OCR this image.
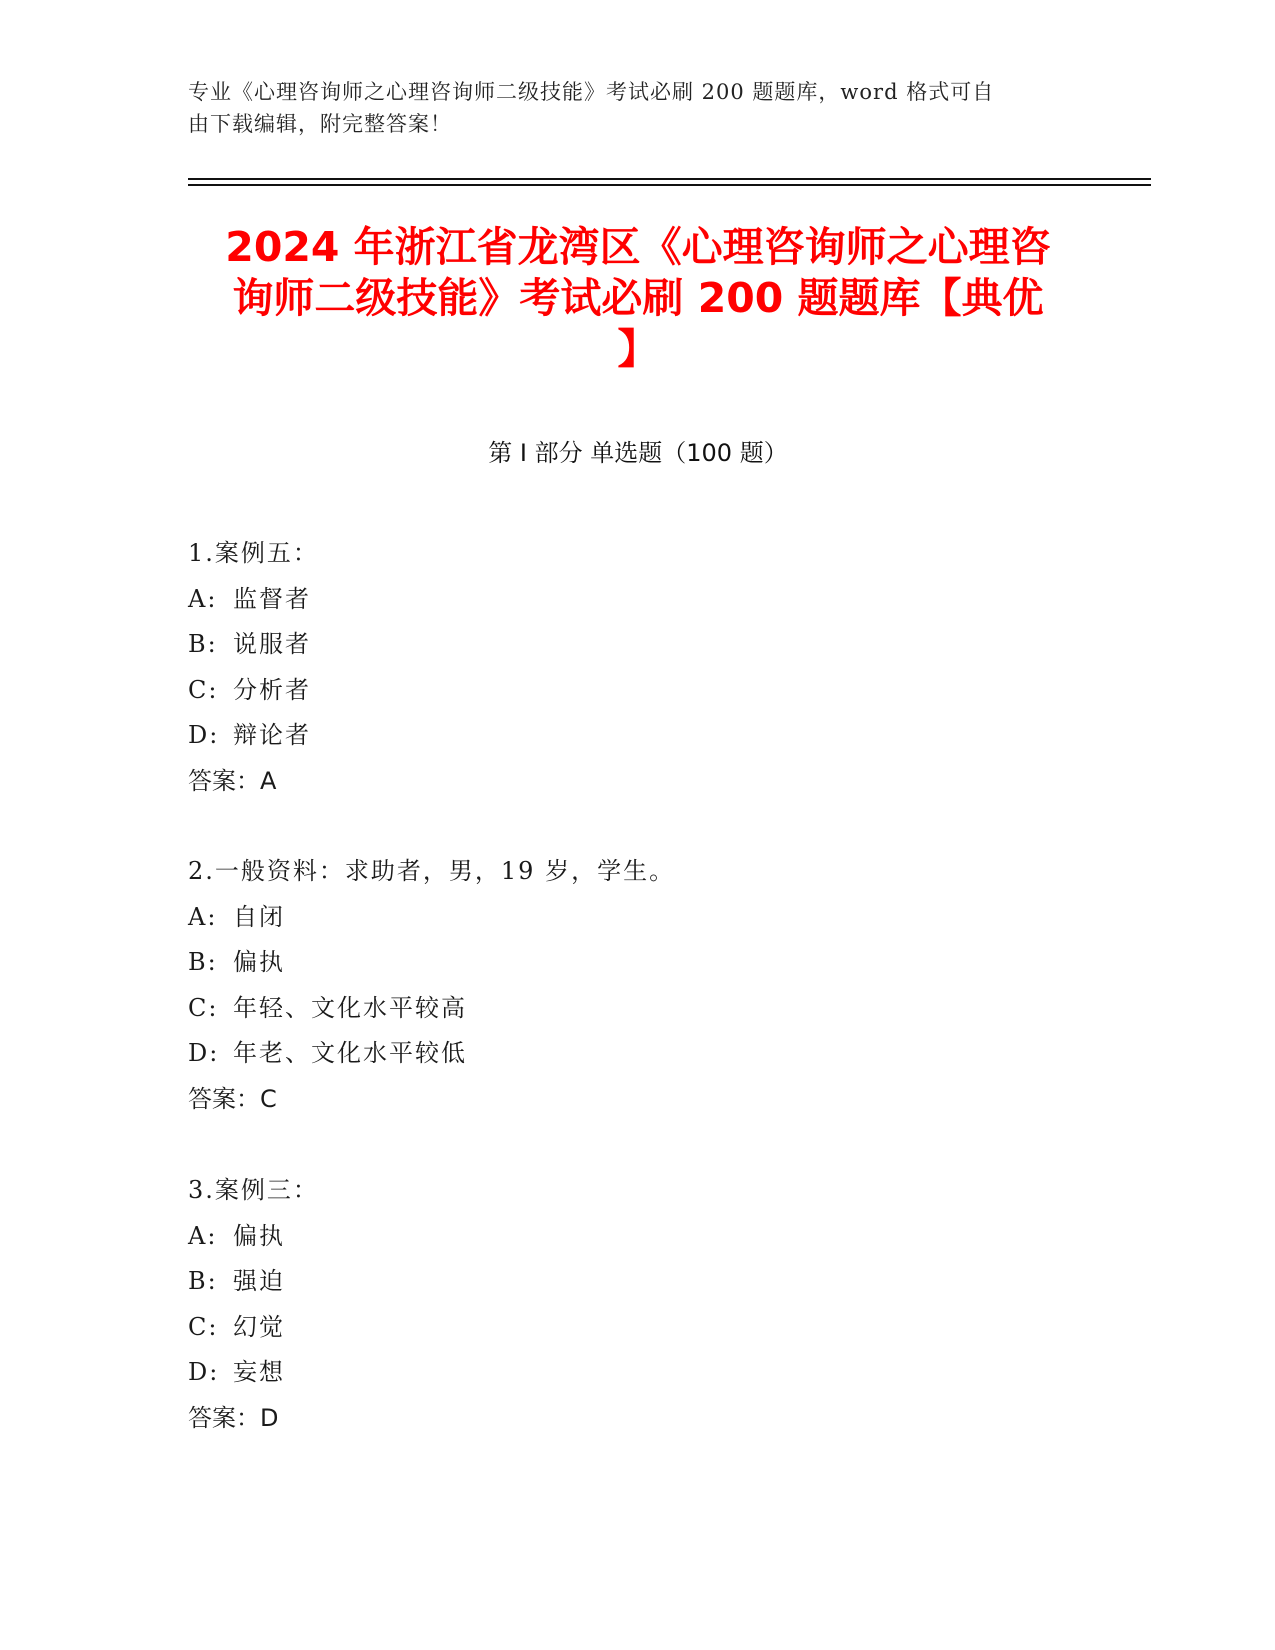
专业《心理咨询师之心理咨询师二级技能》考试必刷 200 题题库，word 格式可自
由下载编辑，附完整答案！
2024 年浙江省龙湾区《心理咨询师之心理咨
询师二级技能》考试必刷 200 题题库【典优
】
第 I 部分 单选题（100 题）
1.案例五：
A: 监督者
B: 说服者
C: 分析者
D: 辩论者
答案：A
2.一般资料：求助者，男，19 岁，学生。
A: 自闭
B: 偏执
C: 年轻、文化水平较高
D: 年老、文化水平较低
答案：C
3.案例三：
A: 偏执
B: 强迫
C: 幻觉
D: 妄想
答案：D
